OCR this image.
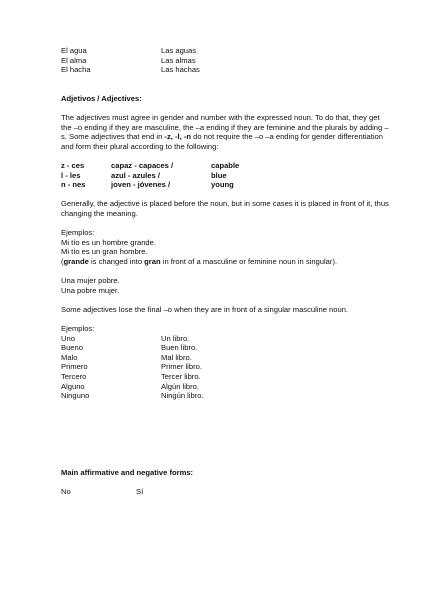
El agua	Las aguas
El alma	Las almas
El hacha	Las hachas

Adjetivos / Adjectives:

The adjectives must agree in gender and number with the expressed noun. To do that, they get the –o ending if they are masculine, the –a ending if they are feminine and the plurals by adding –s. Some adjectives that end in -z, -l, -n do not require the –o –a ending for gender differentiation and form their plural according to the following:

z - ces	capaz - capaces /	capable
l - les	azul - azules /	blue
n - nes	joven - jóvenes /	young

Generally, the adjective is placed before the noun, but in some cases it is placed in front of it, thus changing the meaning.

Ejemplos:
Mi tío es un hombre grande.
Mi tío es un gran hombre.

(grande is changed into gran in front of a masculine or feminine noun in singular).

Una mujer pobre.
Una pobre mujer.

Some adjectives lose the final –o when they are in front of a singular masculine noun.

Ejemplos:
Uno	Un libro.
Bueno	Buen libro.
Malo	Mal libro.
Primero	Primer libro.
Tercero	Tercer libro.
Alguno	Algún libro.
Ninguno	Ningún libro.

Main affirmative and negative forms:

No	Sí
